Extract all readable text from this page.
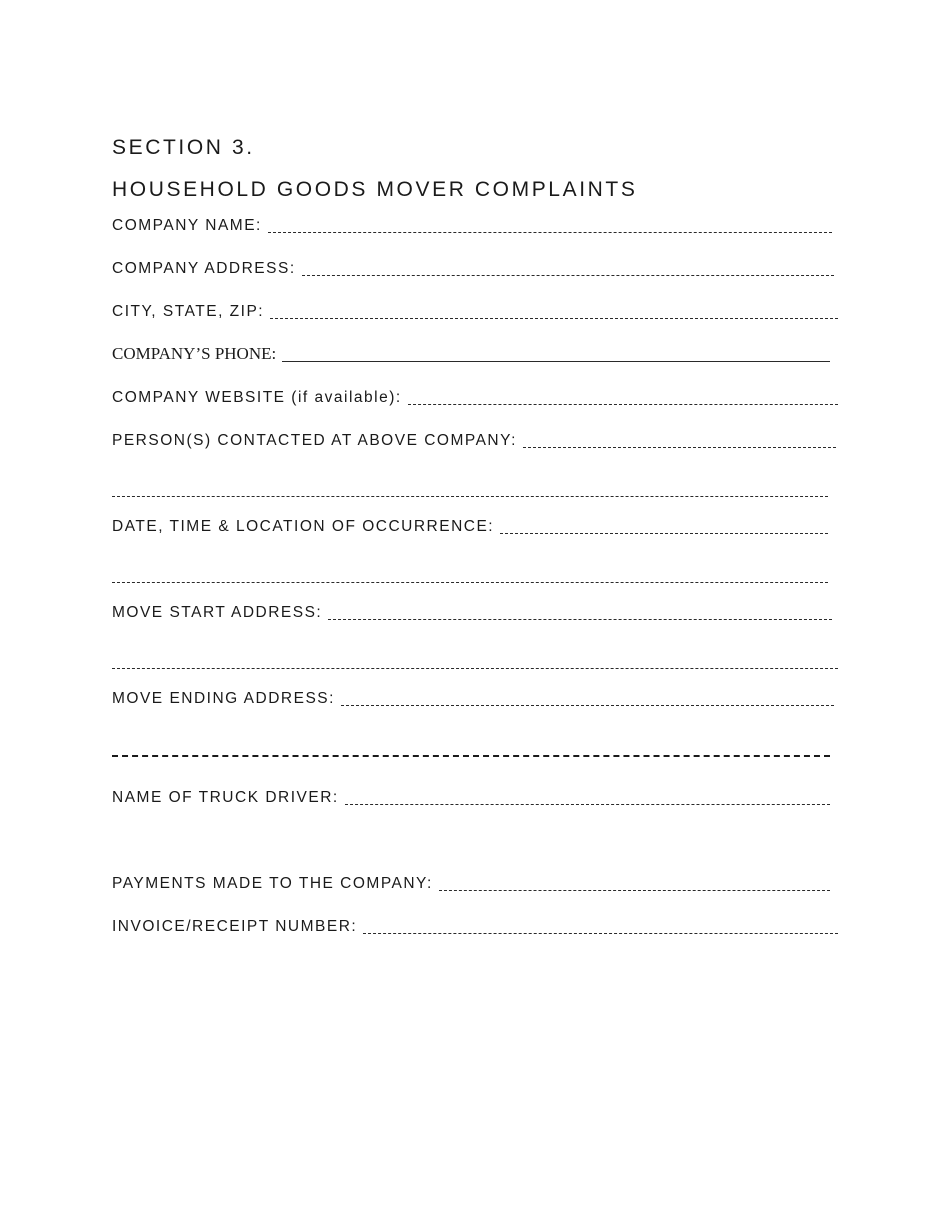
SECTION 3.
HOUSEHOLD GOODS MOVER COMPLAINTS
COMPANY NAME:
COMPANY ADDRESS:
CITY, STATE, ZIP:
COMPANY’S PHONE:
COMPANY WEBSITE (if available):
PERSON(S) CONTACTED AT ABOVE COMPANY:
DATE, TIME & LOCATION OF OCCURRENCE:
MOVE START ADDRESS:
MOVE ENDING ADDRESS:
NAME OF TRUCK DRIVER:
PAYMENTS MADE TO THE COMPANY:
INVOICE/RECEIPT NUMBER:
